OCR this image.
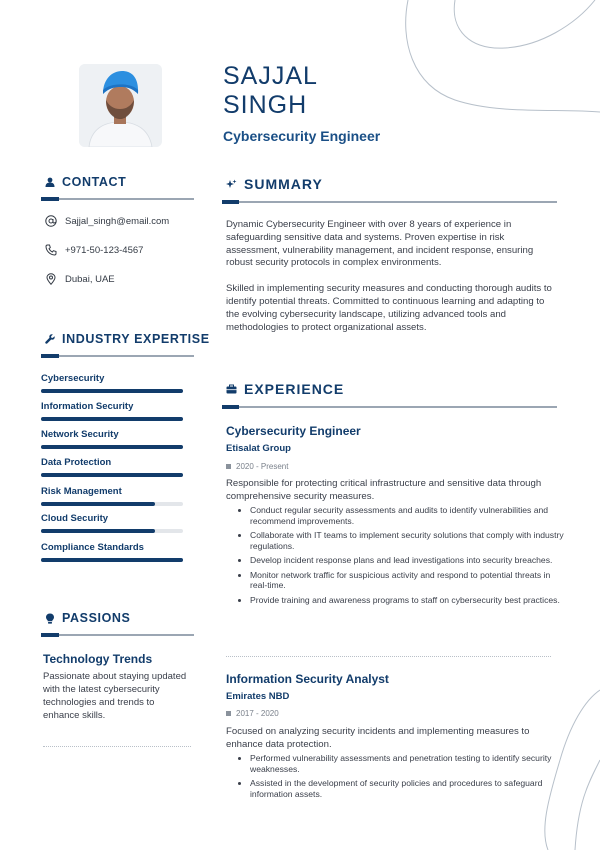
SAJJAL
SINGH
Cybersecurity Engineer
CONTACT
Sajjal_singh@email.com
+971-50-123-4567
Dubai, UAE
INDUSTRY EXPERTISE
Cybersecurity
Information Security
Network Security
Data Protection
Risk Management
Cloud Security
Compliance Standards
PASSIONS
Technology Trends
Passionate about staying updated with the latest cybersecurity technologies and trends to enhance skills.
SUMMARY

Dynamic Cybersecurity Engineer with over 8 years of experience in safeguarding sensitive data and systems. Proven expertise in risk assessment, vulnerability management, and incident response, ensuring robust security protocols in complex environments.

Skilled in implementing security measures and conducting thorough audits to identify potential threats. Committed to continuous learning and adapting to the evolving cybersecurity landscape, utilizing advanced tools and methodologies to protect organizational assets.

EXPERIENCE
Cybersecurity Engineer
Etisalat Group
2020 - Present
Responsible for protecting critical infrastructure and sensitive data through comprehensive security measures.
• Conduct regular security assessments and audits to identify vulnerabilities and recommend improvements.
• Collaborate with IT teams to implement security solutions that comply with industry regulations.
• Develop incident response plans and lead investigations into security breaches.
• Monitor network traffic for suspicious activity and respond to potential threats in real-time.
• Provide training and awareness programs to staff on cybersecurity best practices.
Information Security Analyst
Emirates NBD
2017 - 2020
Focused on analyzing security incidents and implementing measures to enhance data protection.
• Performed vulnerability assessments and penetration testing to identify security weaknesses.
• Assisted in the development of security policies and procedures to safeguard information assets.
